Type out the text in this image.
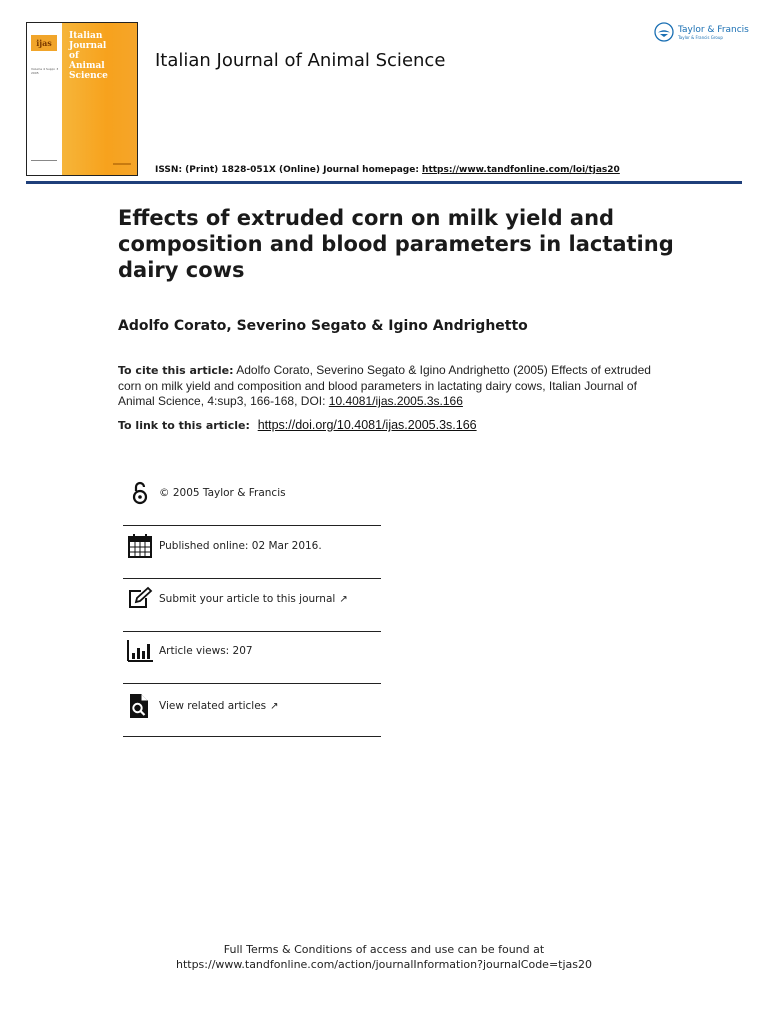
ijas
Volume 4 Suppl. 3 2005
Italian
Journal
of
Animal
Science
Italian Journal of Animal Science
Taylor & Francis
Taylor & Francis Group
ISSN: (Print) 1828-051X (Online) Journal homepage: https://www.tandfonline.com/loi/tjas20
Effects of extruded corn on milk yield and composition and blood parameters in lactating dairy cows
Adolfo Corato, Severino Segato & Igino Andrighetto
To cite this article: Adolfo Corato, Severino Segato & Igino Andrighetto (2005) Effects of extruded corn on milk yield and composition and blood parameters in lactating dairy cows, Italian Journal of Animal Science, 4:sup3, 166-168, DOI: 10.4081/ijas.2005.3s.166
To link to this article: https://doi.org/10.4081/ijas.2005.3s.166
© 2005 Taylor & Francis
Published online: 02 Mar 2016.
Submit your article to this journal ↗
Article views: 207
View related articles ↗
Full Terms & Conditions of access and use can be found at
https://www.tandfonline.com/action/journalInformation?journalCode=tjas20
